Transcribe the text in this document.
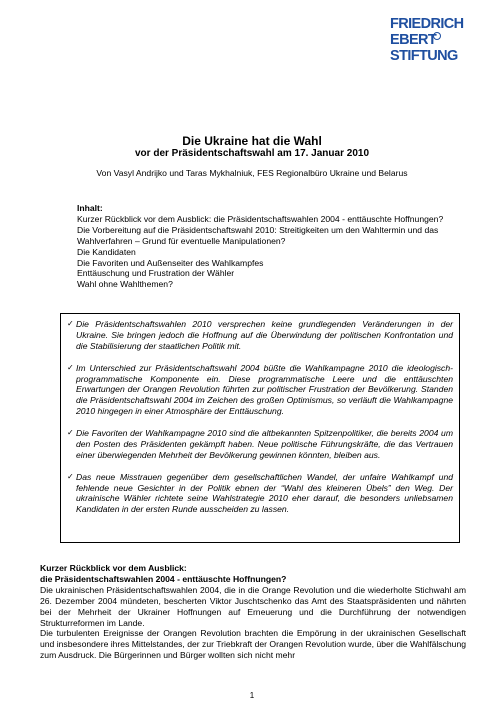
FRIEDRICH
EBERT
STIFTUNG
Die Ukraine hat die Wahl
vor der Präsidentschaftswahl am 17. Januar 2010
Von Vasyl Andrijko und Taras Mykhalniuk, FES Regionalbüro Ukraine und Belarus
Inhalt:
Kurzer Rückblick vor dem Ausblick: die Präsidentschaftswahlen 2004 - enttäuschte Hoffnungen?
Die Vorbereitung auf die Präsidentschaftswahl 2010: Streitigkeiten um den Wahltermin und das Wahlverfahren – Grund für eventuelle Manipulationen?
Die Kandidaten
Die Favoriten und Außenseiter des Wahlkampfes
Enttäuschung und Frustration der Wähler
Wahl ohne Wahlthemen?
✓ Die Präsidentschaftswahlen 2010 versprechen keine grundlegenden Veränderungen in der Ukraine. Sie bringen jedoch die Hoffnung auf die Überwindung der politischen Konfrontation und die Stabilisierung der staatlichen Politik mit.
✓ Im Unterschied zur Präsidentschaftswahl 2004 büßte die Wahlkampagne 2010 die ideologisch-programmatische Komponente ein. Diese programmatische Leere und die enttäuschten Erwartungen der Orangen Revolution führten zur politischer Frustration der Bevölkerung. Standen die Präsidentschaftswahl 2004 im Zeichen des großen Optimismus, so verläuft die Wahlkampagne 2010 hingegen in einer Atmosphäre der Enttäuschung.
✓ Die Favoriten der Wahlkampagne 2010 sind die altbekannten Spitzenpolitiker, die bereits 2004 um den Posten des Präsidenten gekämpft haben. Neue politische Führungskräfte, die das Vertrauen einer überwiegenden Mehrheit der Bevölkerung gewinnen könnten, bleiben aus.
✓ Das neue Misstrauen gegenüber dem gesellschaftlichen Wandel, der unfaire Wahlkampf und fehlende neue Gesichter in der Politik ebnen der “Wahl des kleineren Übels” den Weg. Der ukrainische Wähler richtete seine Wahlstrategie 2010 eher darauf, die besonders unliebsamen Kandidaten in der ersten Runde ausscheiden zu lassen.
Kurzer Rückblick vor dem Ausblick:
die Präsidentschaftswahlen 2004 - enttäuschte Hoffnungen?

Die ukrainischen Präsidentschaftswahlen 2004, die in die Orange Revolution und die wiederholte Stichwahl am 26. Dezember 2004 mündeten, bescherten Viktor Juschtschenko das Amt des Staatspräsidenten und nährten bei der Mehrheit der Ukrainer Hoffnungen auf Erneuerung und die Durchführung der notwendigen Strukturreformen im Lande.

Die turbulenten Ereignisse der Orangen Revolution brachten die Empörung in der ukrainischen Gesellschaft und insbesondere ihres Mittelstandes, der zur Triebkraft der Orangen Revolution wurde, über die Wahlfälschung zum Ausdruck. Die Bürgerinnen und Bürger wollten sich nicht mehr

1
